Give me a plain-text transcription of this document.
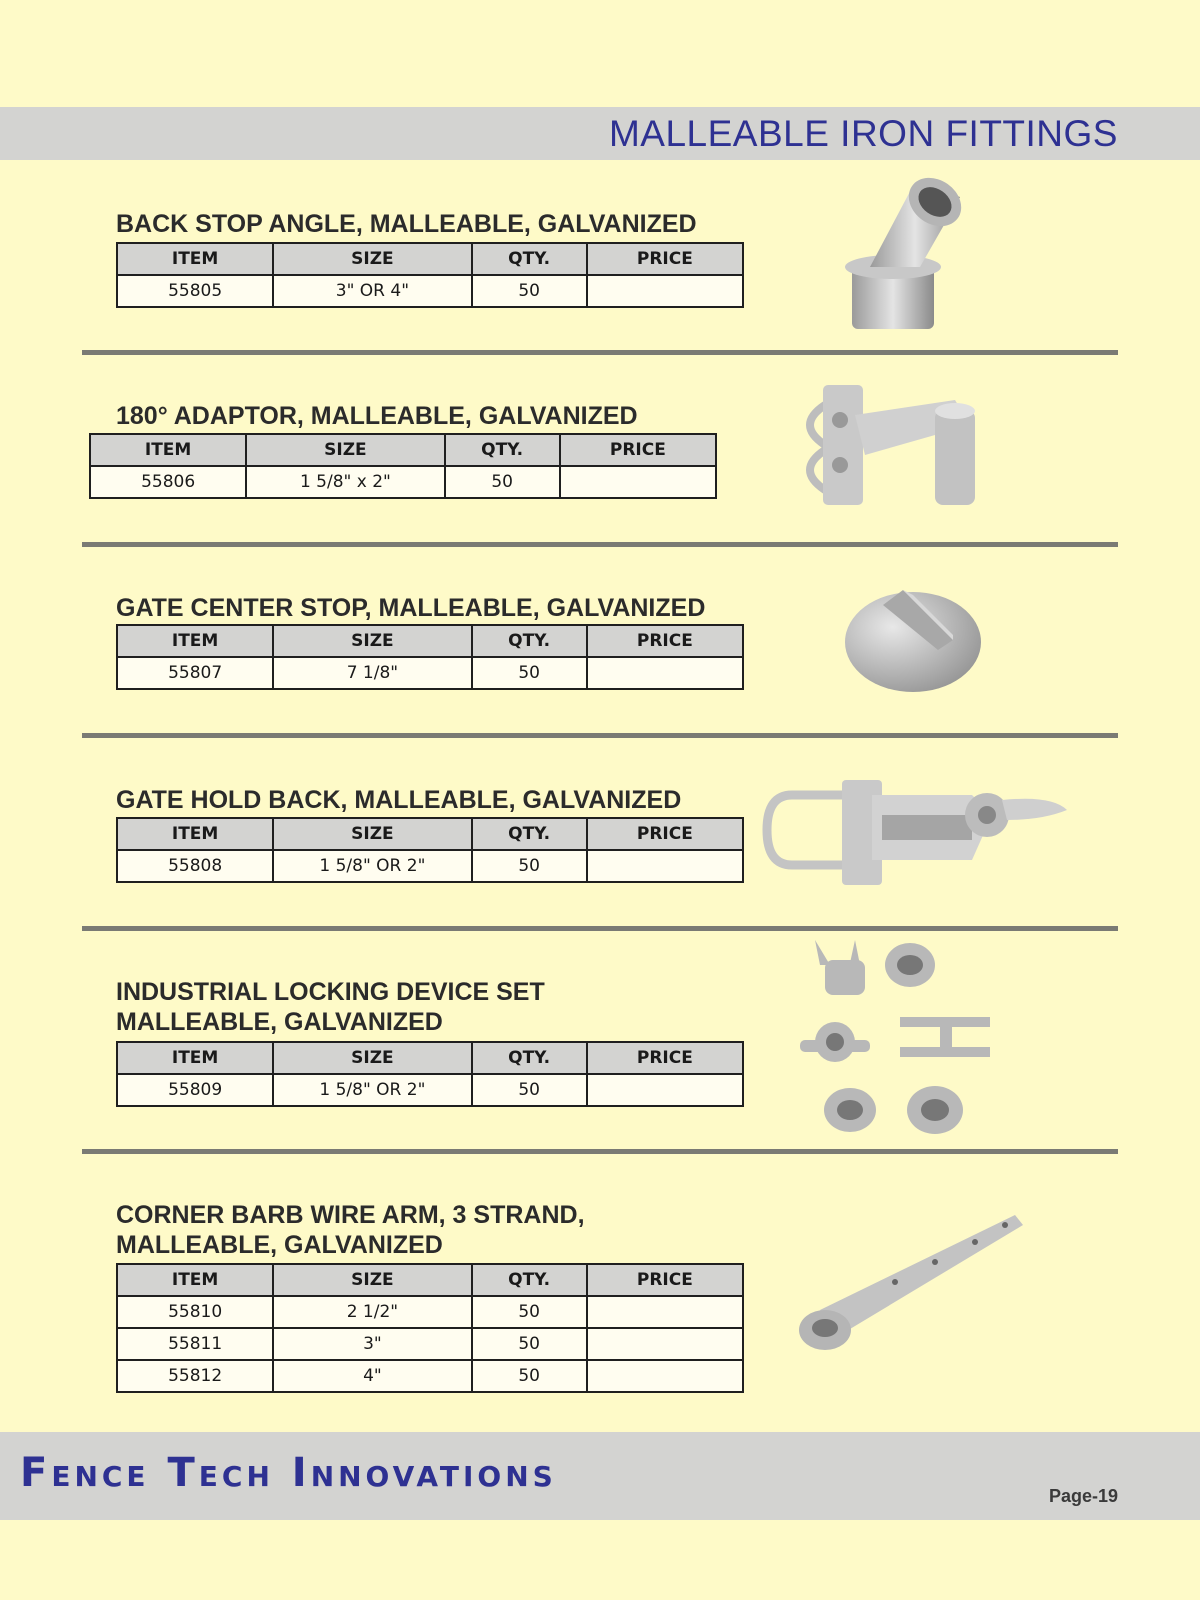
MALLEABLE IRON FITTINGS
BACK STOP ANGLE, MALLEABLE, GALVANIZED
ITEM	SIZE	QTY.	PRICE
55805	3" OR 4"	50	
180° ADAPTOR, MALLEABLE, GALVANIZED
ITEM	SIZE	QTY.	PRICE
55806	1 5/8" x 2"	50	
GATE CENTER STOP, MALLEABLE, GALVANIZED
ITEM	SIZE	QTY.	PRICE
55807	7 1/8"	50	
GATE HOLD BACK, MALLEABLE, GALVANIZED
ITEM	SIZE	QTY.	PRICE
55808	1 5/8" OR 2"	50	
INDUSTRIAL LOCKING DEVICE SET
MALLEABLE, GALVANIZED
ITEM	SIZE	QTY.	PRICE
55809	1 5/8" OR 2"	50	
CORNER BARB WIRE ARM, 3 STRAND,
MALLEABLE, GALVANIZED
ITEM	SIZE	QTY.	PRICE
55810	2 1/2"	50	
55811	3"	50	
55812	4"	50	
Fence Tech Innovations	Page-19
